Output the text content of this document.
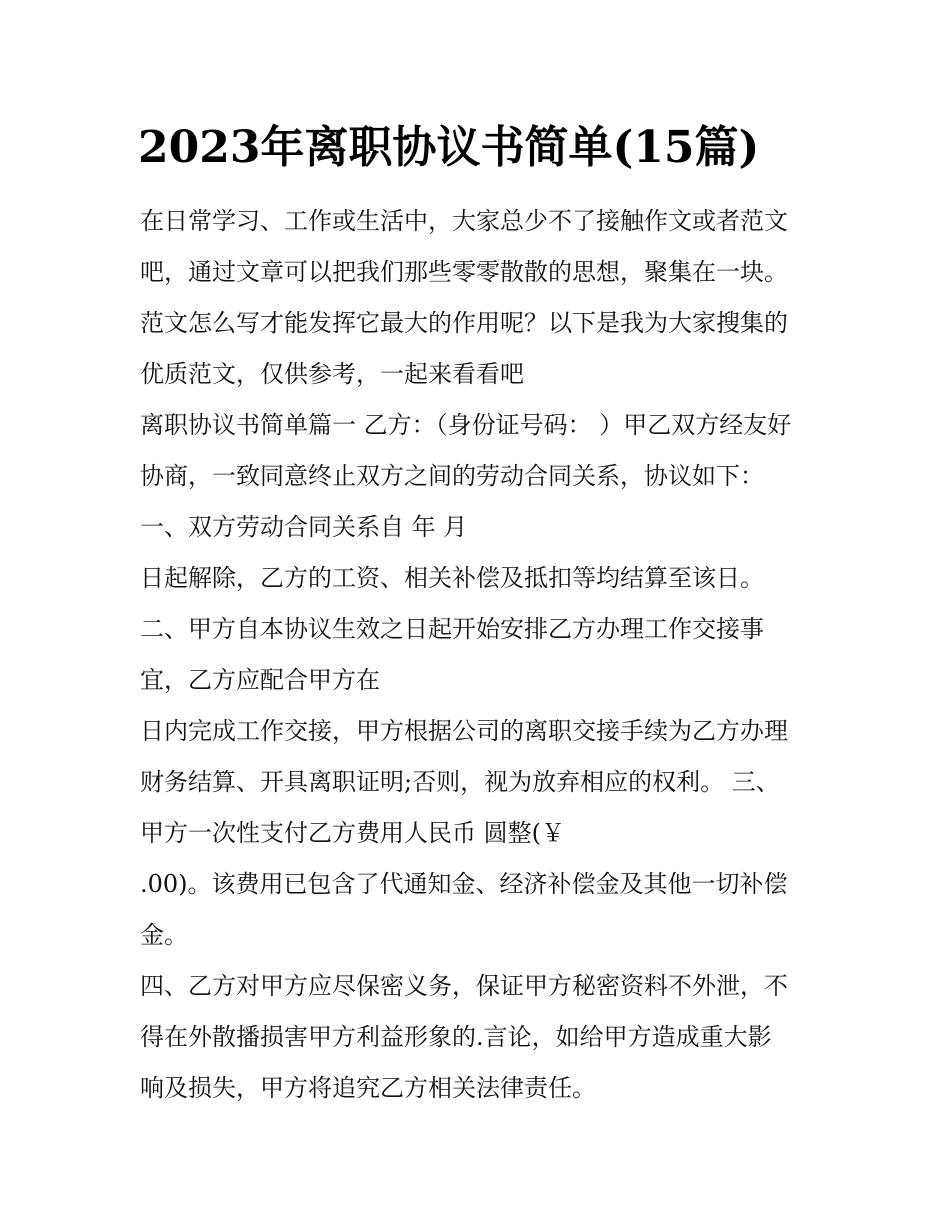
2023年离职协议书简单(15篇)

在日常学习、工作或生活中，大家总少不了接触作文或者范文

吧，通过文章可以把我们那些零零散散的思想，聚集在一块。

范文怎么写才能发挥它最大的作用呢？以下是我为大家搜集的

优质范文，仅供参考，一起来看看吧

离职协议书简单篇一 乙方：（身份证号码： ）甲乙双方经友好

协商，一致同意终止双方之间的劳动合同关系，协议如下：

一、双方劳动合同关系自 年 月

日起解除，乙方的工资、相关补偿及抵扣等均结算至该日。

二、甲方自本协议生效之日起开始安排乙方办理工作交接事

宜，乙方应配合甲方在

日内完成工作交接，甲方根据公司的离职交接手续为乙方办理

财务结算、开具离职证明;否则，视为放弃相应的权利。 三、

甲方一次性支付乙方费用人民币 圆整(￥

.00)。该费用已包含了代通知金、经济补偿金及其他一切补偿

金。

四、乙方对甲方应尽保密义务，保证甲方秘密资料不外泄，不

得在外散播损害甲方利益形象的.言论，如给甲方造成重大影

响及损失，甲方将追究乙方相关法律责任。
